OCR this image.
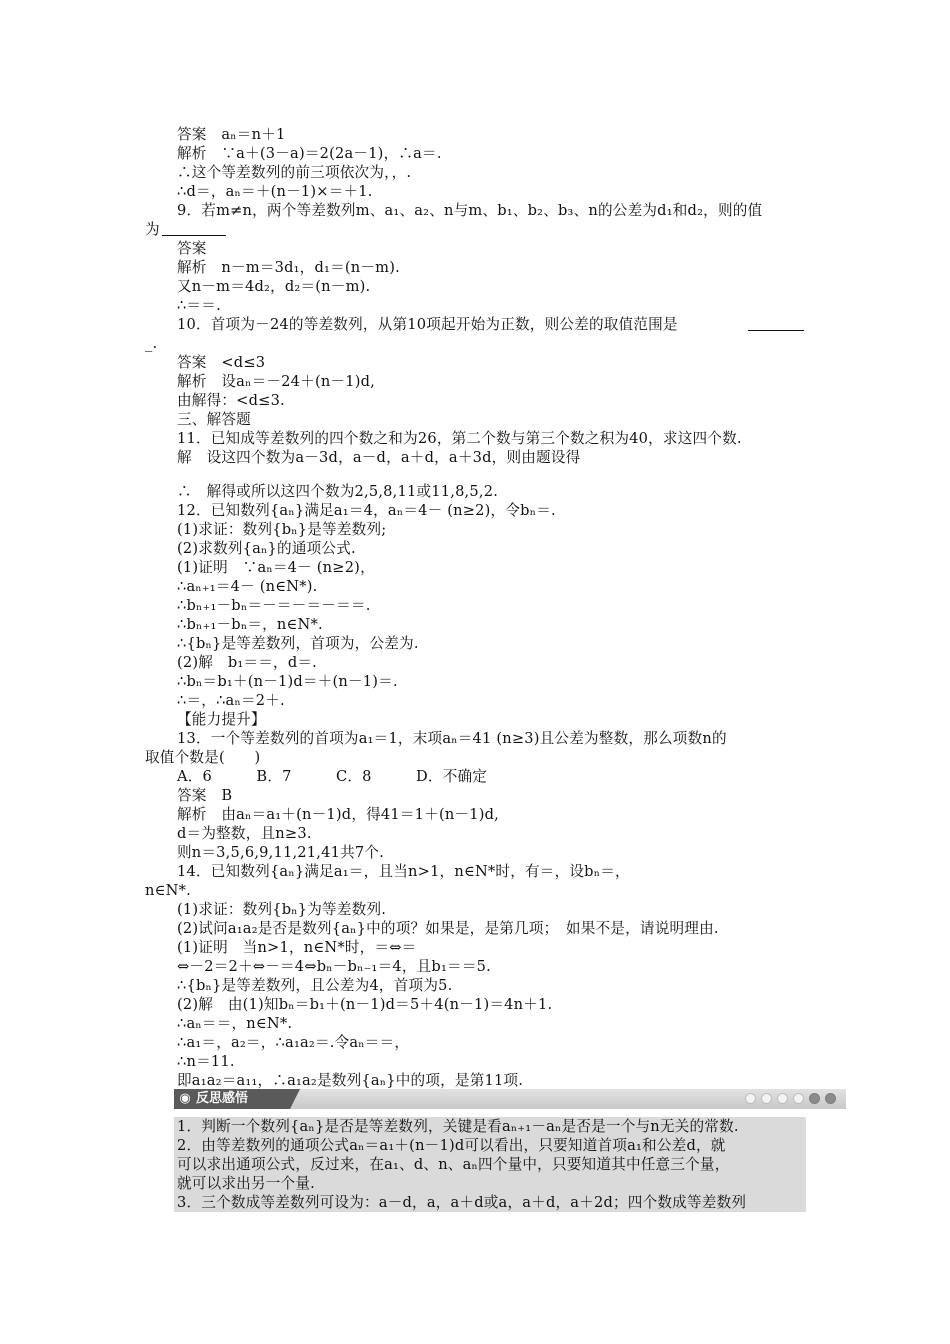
答案　aₙ＝n＋1
解析　∵a＋(3－a)＝2(2a－1)，∴a＝.
∴这个等差数列的前三项依次为，，.
∴d＝，aₙ＝＋(n－1)×＝＋1.
9．若m≠n，两个等差数列m、a₁、a₂、n与m、b₁、b₂、b₃、n的公差为d₁和d₂，则的值
答案
解析　n－m＝3d₁，d₁＝(n－m).
又n－m＝4d₂，d₂＝(n－m).
∴＝＝.
10．首项为－24的等差数列，从第10项起开始为正数，则公差的取值范围是
答案　<d≤3
解析　设aₙ＝－24＋(n－1)d,
由解得：<d≤3.
三、解答题
11．已知成等差数列的四个数之和为26，第二个数与第三个数之积为40，求这四个数.
解　设这四个数为a－3d，a－d，a＋d，a＋3d，则由题设得
∴　解得或所以这四个数为2,5,8,11或11,8,5,2.
12．已知数列{aₙ}满足a₁＝4，aₙ＝4－ (n≥2)，令bₙ＝.
(1)求证：数列{bₙ}是等差数列;
(2)求数列{aₙ}的通项公式.
(1)证明　∵aₙ＝4－ (n≥2)，
∴aₙ₊₁＝4－ (n∈N*).
∴bₙ₊₁－bₙ＝－＝－＝－＝＝.
∴bₙ₊₁－bₙ＝，n∈N*.
∴{bₙ}是等差数列，首项为，公差为.
(2)解　b₁＝＝，d＝.
∴bₙ＝b₁＋(n－1)d＝＋(n－1)＝.
∴＝，∴aₙ＝2＋.
【能力提升】
13．一个等差数列的首项为a₁＝1，末项aₙ＝41 (n≥3)且公差为整数，那么项数n的
A．6　　　B．7　　　C．8　　　D．不确定
答案　B
解析　由aₙ＝a₁＋(n－1)d，得41＝1＋(n－1)d,
d＝为整数，且n≥3.
则n＝3,5,6,9,11,21,41共7个.
14．已知数列{aₙ}满足a₁＝，且当n>1，n∈N*时，有＝，设bₙ＝，
(1)求证：数列{bₙ}为等差数列.
(2)试问a₁a₂是否是数列{aₙ}中的项？如果是，是第几项；　如果不是，请说明理由.
(1)证明　当n>1，n∈N*时，＝⇔＝
⇔－2＝2＋⇔－＝4⇔bₙ－bₙ₋₁＝4，且b₁＝＝5.
∴{bₙ}是等差数列，且公差为4，首项为5.
(2)解　由(1)知bₙ＝b₁＋(n－1)d＝5＋4(n－1)＝4n＋1.
∴aₙ＝＝，n∈N*.
∴a₁＝，a₂＝，∴a₁a₂＝.令aₙ＝＝，
∴n＝11.
即a₁a₂＝a₁₁，∴a₁a₂是数列{aₙ}中的项，是第11项.
为
_.
取值个数是(　　)
n∈N*.
1．判断一个数列{aₙ}是否是等差数列，关键是看aₙ₊₁－aₙ是否是一个与n无关的常数.
2．由等差数列的通项公式aₙ＝a₁＋(n－1)d可以看出，只要知道首项a₁和公差d，就
可以求出通项公式，反过来，在a₁、d、n、aₙ四个量中，只要知道其中任意三个量，
就可以求出另一个量.
3．三个数成等差数列可设为：a－d，a，a＋d或a，a＋d，a＋2d；四个数成等差数列
◉ 反思感悟
